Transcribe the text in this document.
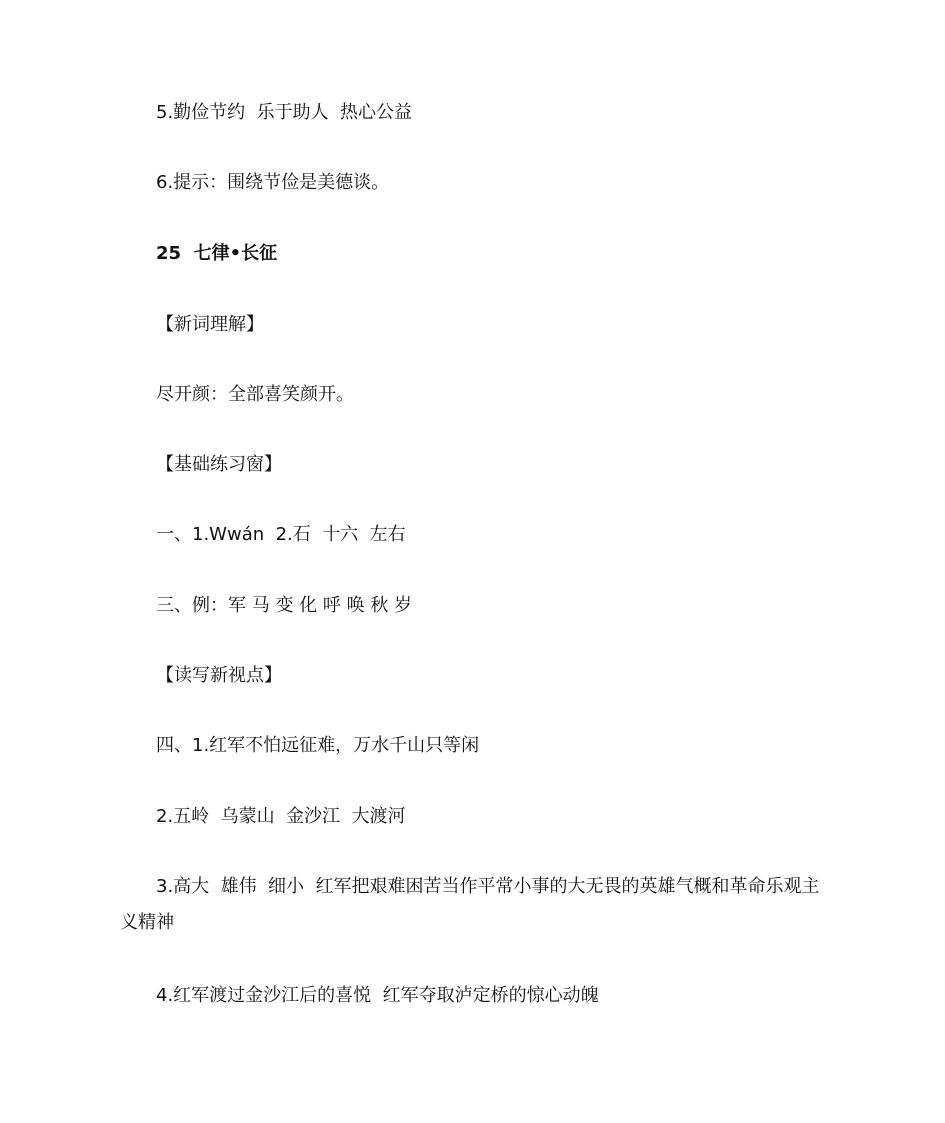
5.勤俭节约  乐于助人  热心公益

6.提示：围绕节俭是美德谈。

25  七律•长征

【新词理解】

尽开颜：全部喜笑颜开。

【基础练习窗】

一、1.Wwán  2.石  十六  左右

三、例：军 马 变 化 呼 唤 秋 岁

【读写新视点】

四、1.红军不怕远征难，万水千山只等闲

2.五岭  乌蒙山  金沙江  大渡河

3.高大  雄伟  细小  红军把艰难困苦当作平常小事的大无畏的英雄气概和革命乐观主义精神

4.红军渡过金沙江后的喜悦  红军夺取泸定桥的惊心动魄
